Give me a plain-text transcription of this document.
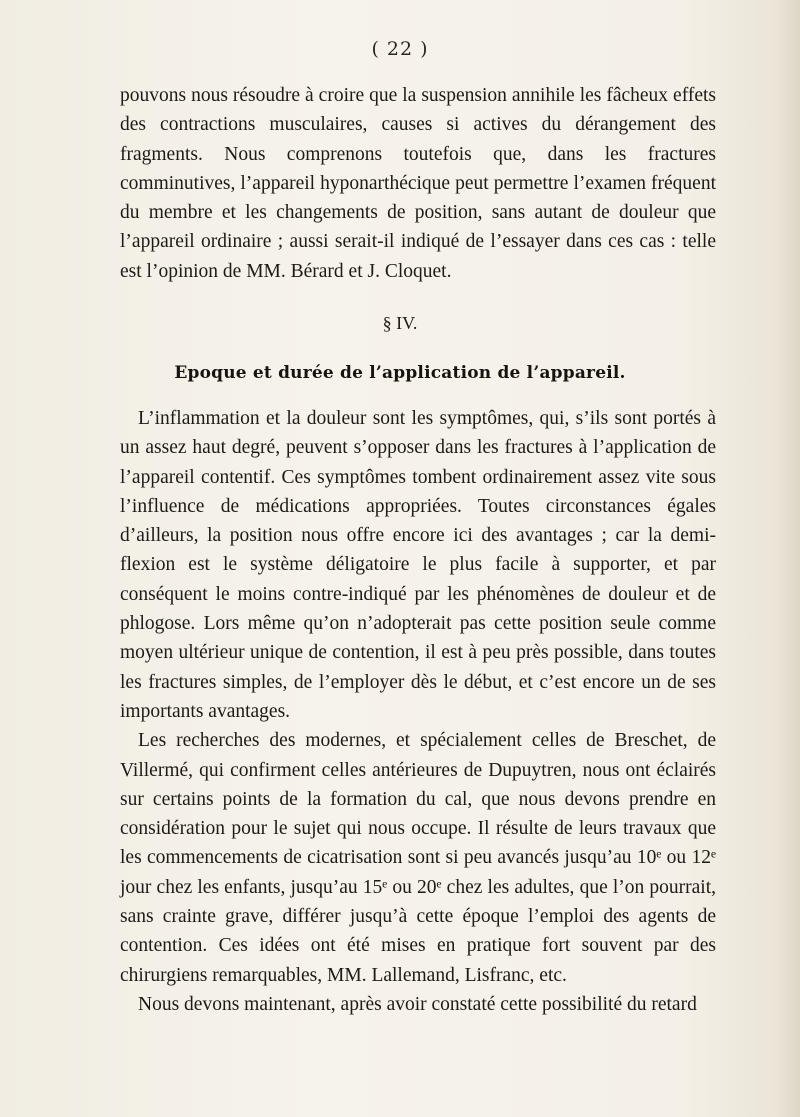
( 22 )

pouvons nous résoudre à croire que la suspension annihile les fâcheux effets des contractions musculaires, causes si actives du dérangement des fragments. Nous comprenons toutefois que, dans les fractures comminutives, l’appareil hyponarthécique peut permettre l’examen fréquent du membre et les changements de position, sans autant de douleur que l’appareil ordinaire ; aussi serait-il indiqué de l’essayer dans ces cas : telle est l’opinion de MM. Bérard et J. Cloquet.

§ IV.
Epoque et durée de l’application de l’appareil.

L’inflammation et la douleur sont les symptômes, qui, s’ils sont portés à un assez haut degré, peuvent s’opposer dans les fractures à l’application de l’appareil contentif. Ces symptômes tombent ordinairement assez vite sous l’influence de médications appropriées. Toutes circonstances égales d’ailleurs, la position nous offre encore ici des avantages ; car la demi-flexion est le système déligatoire le plus facile à supporter, et par conséquent le moins contre-indiqué par les phénomènes de douleur et de phlogose. Lors même qu’on n’adopterait pas cette position seule comme moyen ultérieur unique de contention, il est à peu près possible, dans toutes les fractures simples, de l’employer dès le début, et c’est encore un de ses importants avantages.

Les recherches des modernes, et spécialement celles de Breschet, de Villermé, qui confirment celles antérieures de Dupuytren, nous ont éclairés sur certains points de la formation du cal, que nous devons prendre en considération pour le sujet qui nous occupe. Il résulte de leurs travaux que les commencements de cicatrisation sont si peu avancés jusqu’au 10ᵉ ou 12ᵉ jour chez les enfants, jusqu’au 15ᵉ ou 20ᵉ chez les adultes, que l’on pourrait, sans crainte grave, différer jusqu’à cette époque l’emploi des agents de contention. Ces idées ont été mises en pratique fort souvent par des chirurgiens remarquables, MM. Lallemand, Lisfranc, etc.

Nous devons maintenant, après avoir constaté cette possibilité du retard
